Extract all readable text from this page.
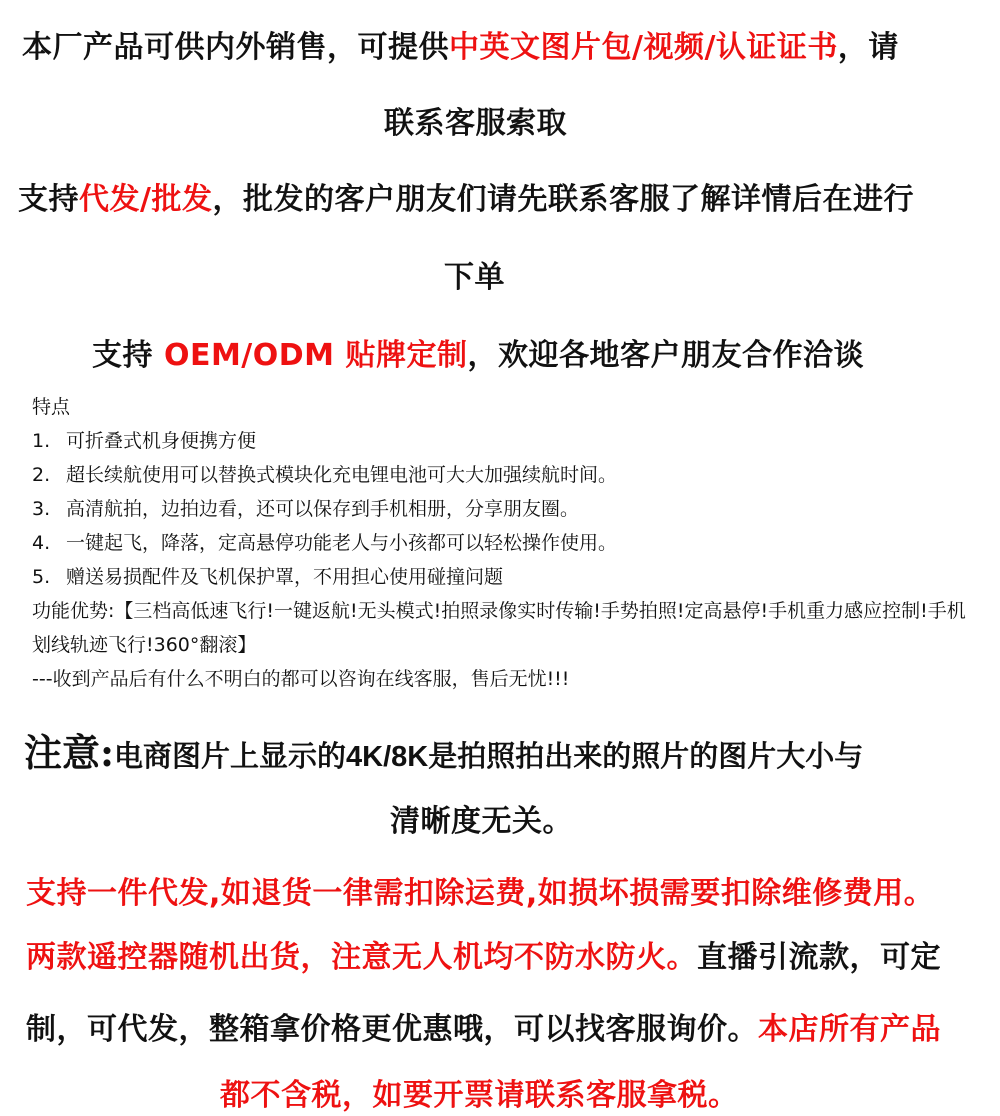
本厂产品可供内外销售，可提供中英文图片包/视频/认证证书，请
联系客服索取
支持代发/批发，批发的客户朋友们请先联系客服了解详情后在进行
下单
支持 OEM/ODM 贴牌定制，欢迎各地客户朋友合作洽谈
特点
1. 可折叠式机身便携方便
2. 超长续航使用可以替换式模块化充电锂电池可大大加强续航时间。
3. 高清航拍，边拍边看，还可以保存到手机相册，分享朋友圈。
4. 一键起飞，降落，定高悬停功能老人与小孩都可以轻松操作使用。
5. 赠送易损配件及飞机保护罩，不用担心使用碰撞问题
功能优势:【三档高低速飞行!一键返航!无头模式!拍照录像实时传输!手势拍照!定高悬停!手机重力感应控制!手机划线轨迹飞行!360°翻滚】
---收到产品后有什么不明白的都可以咨询在线客服，售后无忧!!!
注意:电商图片上显示的4K/8K是拍照拍出来的照片的图片大小与
清晰度无关。
支持一件代发,如退货一律需扣除运费,如损坏损需要扣除维修费用。
两款遥控器随机出货，注意无人机均不防水防火。直播引流款，可定
制，可代发，整箱拿价格更优惠哦，可以找客服询价。本店所有产品
都不含税，如要开票请联系客服拿税。
